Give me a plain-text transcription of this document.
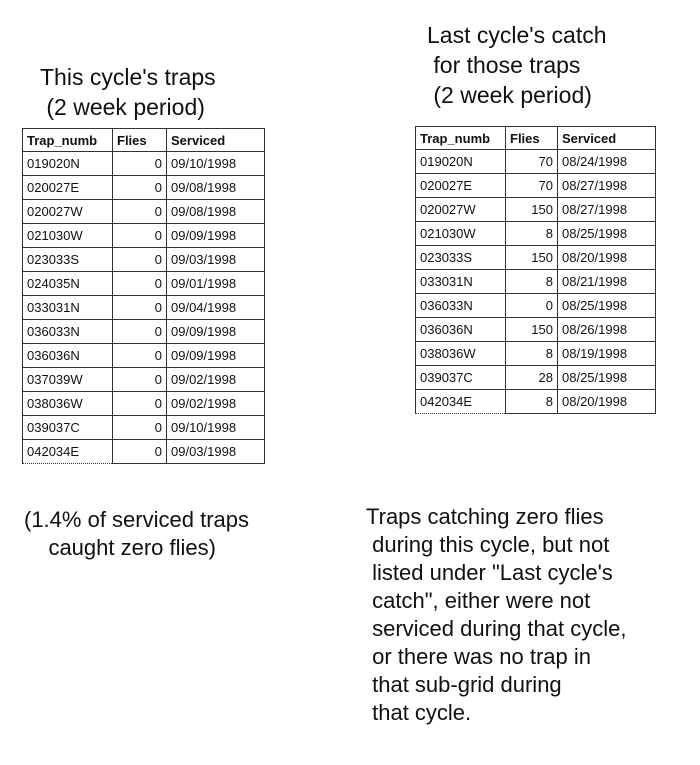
This cycle's traps
(2 week period)
Last cycle's catch
for those traps
(2 week period)
Trap_numb	Flies	Serviced
019020N	0	09/10/1998
020027E	0	09/08/1998
020027W	0	09/08/1998
021030W	0	09/09/1998
023033S	0	09/03/1998
024035N	0	09/01/1998
033031N	0	09/04/1998
036033N	0	09/09/1998
036036N	0	09/09/1998
037039W	0	09/02/1998
038036W	0	09/02/1998
039037C	0	09/10/1998
042034E	0	09/03/1998
Trap_numb	Flies	Serviced
019020N	70	08/24/1998
020027E	70	08/27/1998
020027W	150	08/27/1998
021030W	8	08/25/1998
023033S	150	08/20/1998
033031N	8	08/21/1998
036033N	0	08/25/1998
036036N	150	08/26/1998
038036W	8	08/19/1998
039037C	28	08/25/1998
042034E	8	08/20/1998
(1.4% of serviced traps
caught zero flies)
Traps catching zero flies
during this cycle, but not
listed under "Last cycle's
catch", either were not
serviced during that cycle,
or there was no trap in
that sub-grid during
that cycle.
